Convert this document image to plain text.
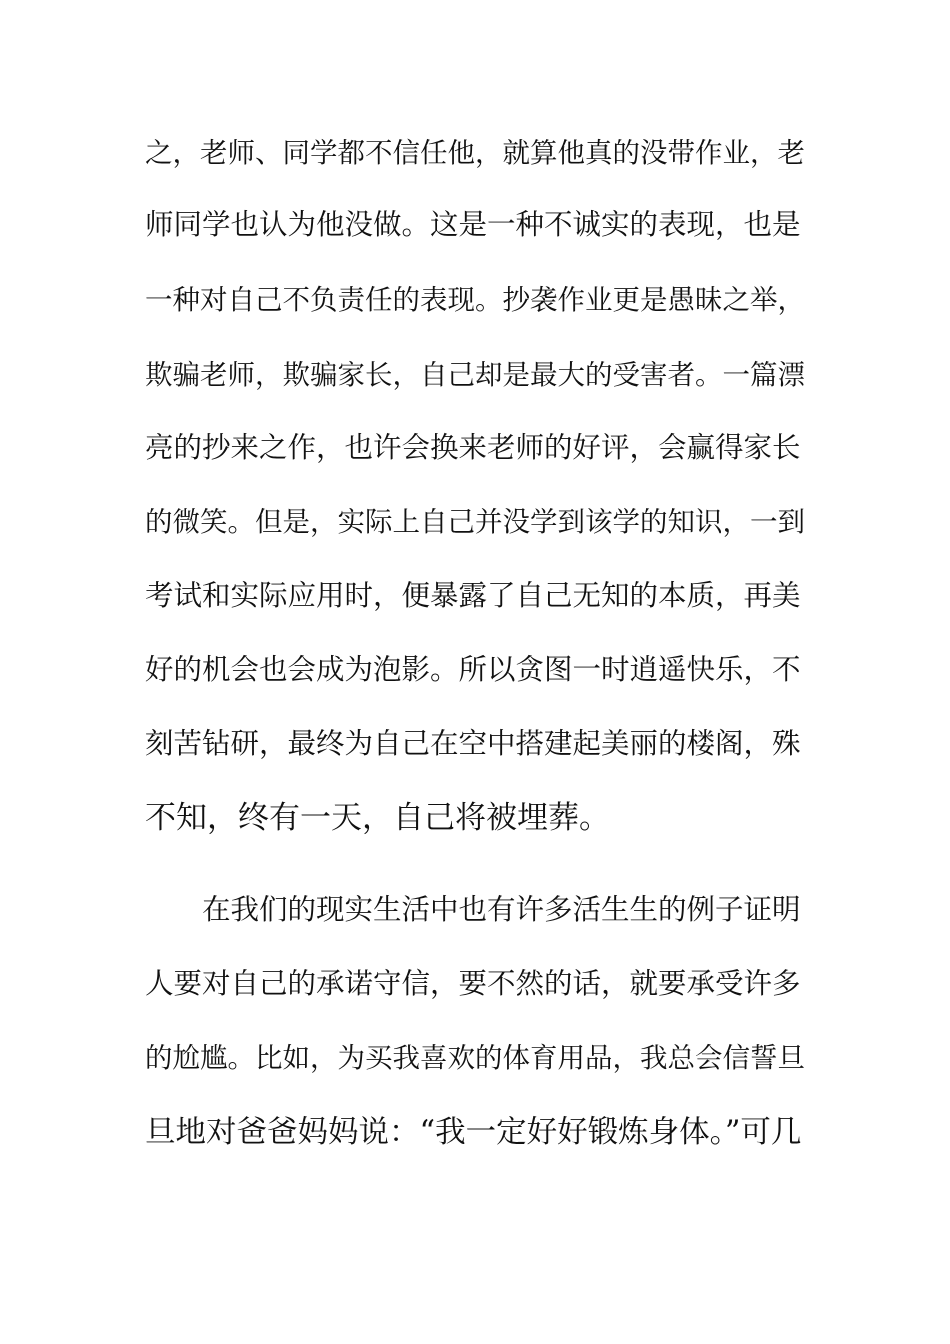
之，老师、同学都不信任他，就算他真的没带作业，老
师同学也认为他没做。这是一种不诚实的表现，也是
一种对自己不负责任的表现。抄袭作业更是愚昧之举，
欺骗老师，欺骗家长，自己却是最大的受害者。一篇漂
亮的抄来之作，也许会换来老师的好评，会赢得家长
的微笑。但是，实际上自己并没学到该学的知识，一到
考试和实际应用时，便暴露了自己无知的本质，再美
好的机会也会成为泡影。所以贪图一时逍遥快乐，不
刻苦钻研，最终为自己在空中搭建起美丽的楼阁，殊
不知，终有一天，自己将被埋葬。
在我们的现实生活中也有许多活生生的例子证明
人要对自己的承诺守信，要不然的话，就要承受许多
的尬尴。比如，为买我喜欢的体育用品，我总会信誓旦
旦地对爸爸妈妈说：“我一定好好锻炼身体。”可几
